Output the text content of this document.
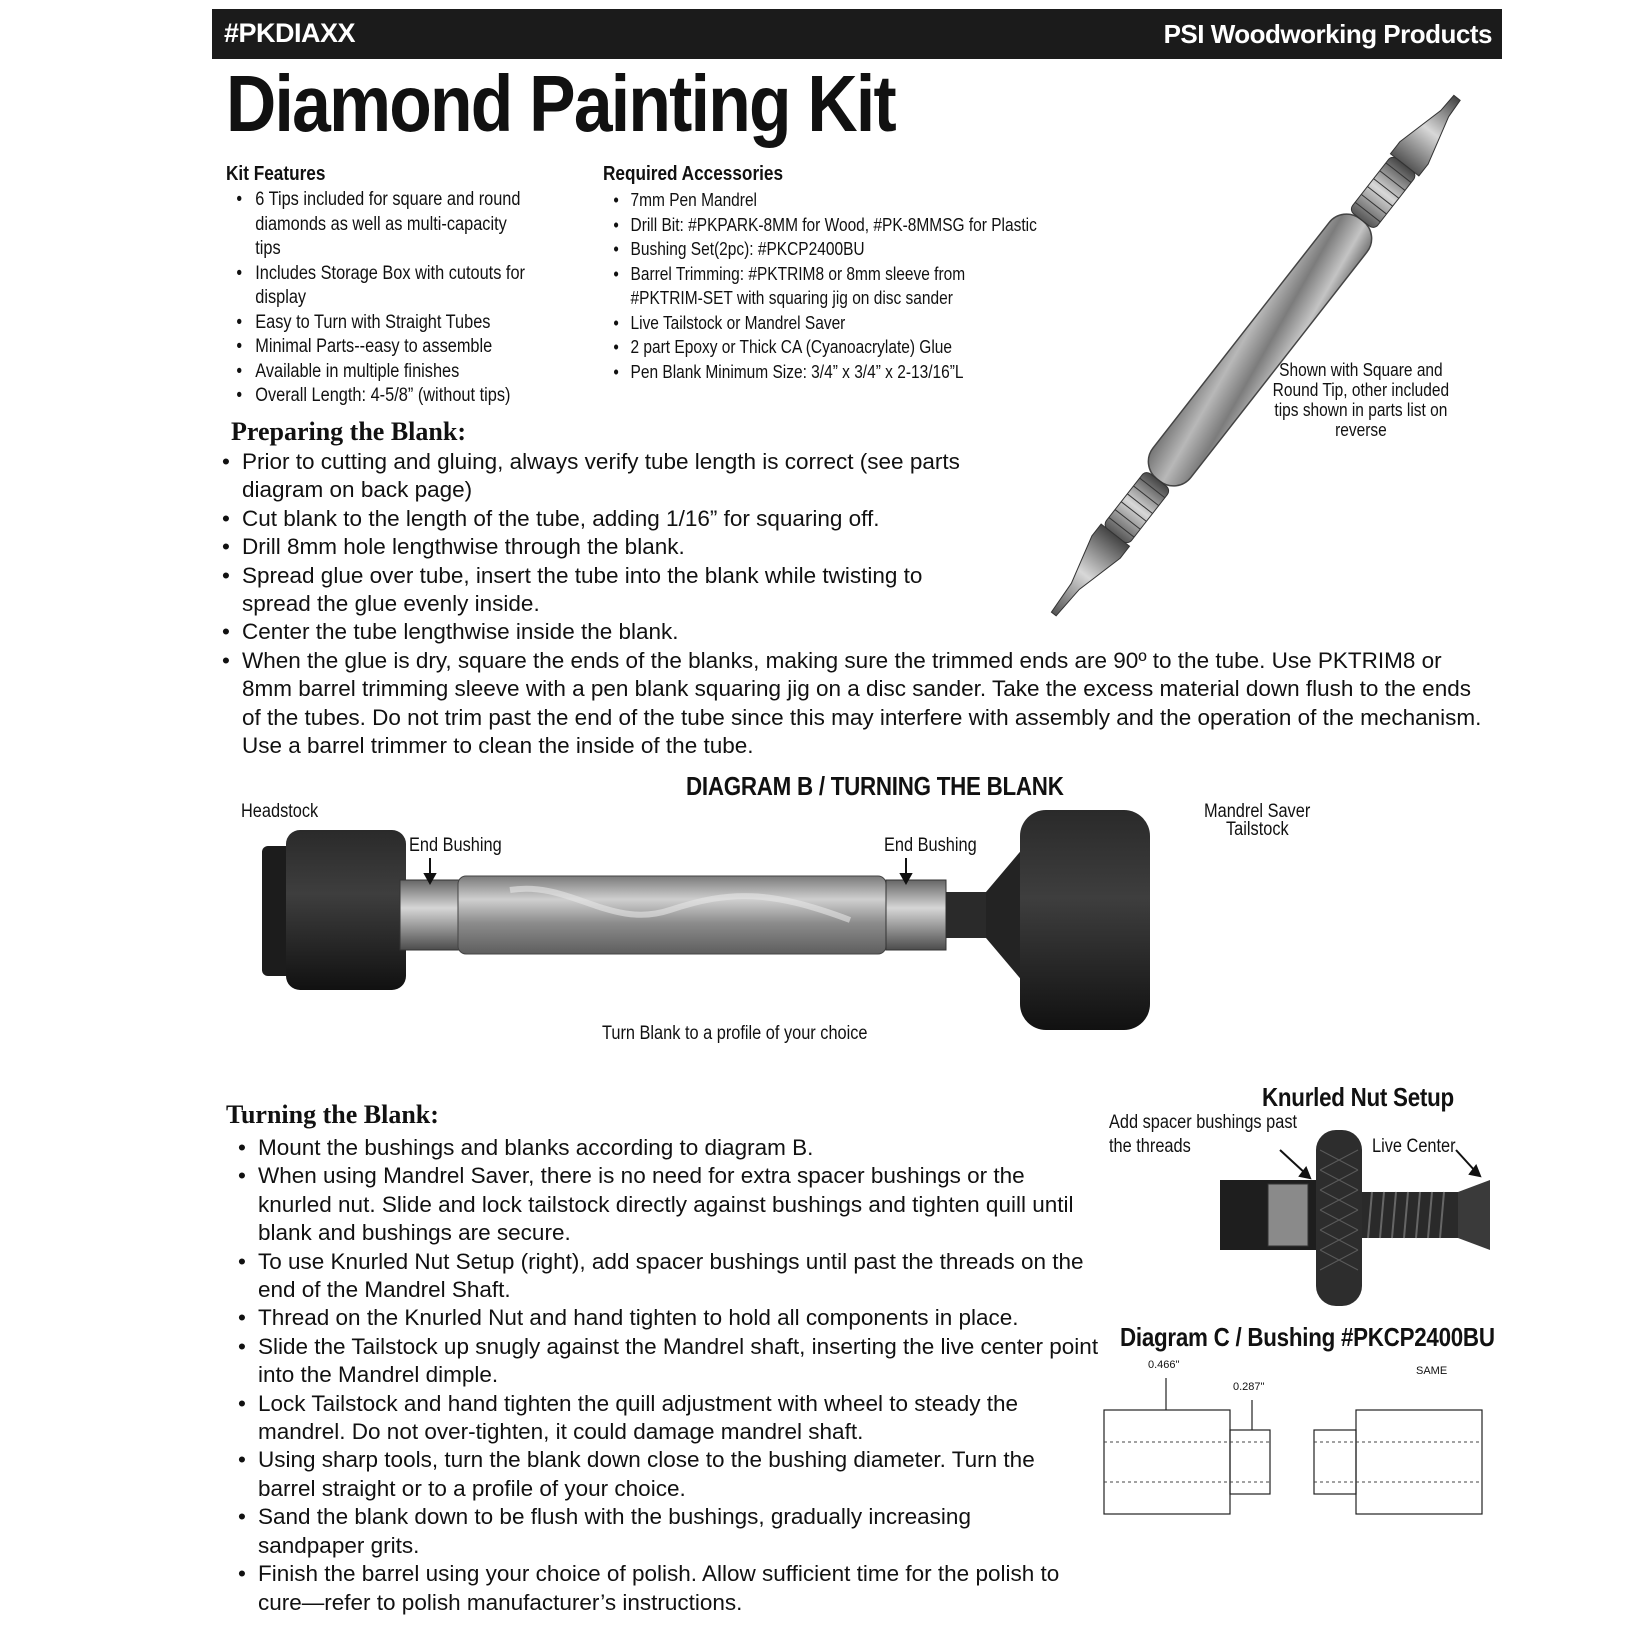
#PKDIAXX	PSI Woodworking Products
Diamond Painting Kit
Kit Features
• 6 Tips included for square and round diamonds as well as multi-capacity tips
• Includes Storage Box with cutouts for display
• Easy to Turn with Straight Tubes
• Minimal Parts--easy to assemble
• Available in multiple finishes
• Overall Length: 4-5/8” (without tips)
Required Accessories
• 7mm Pen Mandrel
• Drill Bit: #PKPARK-8MM for Wood, #PK-8MMSG for Plastic
• Bushing Set(2pc): #PKCP2400BU
• Barrel Trimming: #PKTRIM8 or 8mm sleeve from #PKTRIM-SET with squaring jig on disc sander
• Live Tailstock or Mandrel Saver
• 2 part Epoxy or Thick CA (Cyanoacrylate) Glue
• Pen Blank Minimum Size: 3/4” x 3/4” x 2-13/16”L	Shown with Square and Round Tip, other included tips shown in parts list on reverse
Preparing the Blank:
• Prior to cutting and gluing, always verify tube length is correct (see parts diagram on back page)
• Cut blank to the length of the tube, adding 1/16” for squaring off.
• Drill 8mm hole lengthwise through the blank.
• Spread glue over tube, insert the tube into the blank while twisting to spread the glue evenly inside.
• Center the tube lengthwise inside the blank.
• When the glue is dry, square the ends of the blanks, making sure the trimmed ends are 90º to the tube. Use PKTRIM8 or 8mm barrel trimming sleeve with a pen blank squaring jig on a disc sander. Take the excess material down flush to the ends of the tubes. Do not trim past the end of the tube since this may interfere with assembly and the operation of the mechanism. Use a barrel trimmer to clean the inside of the tube.
DIAGRAM B / TURNING THE BLANK
Headstock
End Bushing	End Bushing
Mandrel Saver
Tailstock
Turn Blank to a profile of your choice
Turning the Blank:
• Mount the bushings and blanks according to diagram B.
• When using Mandrel Saver, there is no need for extra spacer bushings or the knurled nut. Slide and lock tailstock directly against bushings and tighten quill until blank and bushings are secure.
• To use Knurled Nut Setup (right), add spacer bushings until past the threads on the end of the Mandrel Shaft.
• Thread on the Knurled Nut and hand tighten to hold all components in place.
• Slide the Tailstock up snugly against the Mandrel shaft, inserting the live center point into the Mandrel dimple.
• Lock Tailstock and hand tighten the quill adjustment with wheel to steady the mandrel. Do not over-tighten, it could damage mandrel shaft.
• Using sharp tools, turn the blank down close to the bushing diameter. Turn the barrel straight or to a profile of your choice.
• Sand the blank down to be flush with the bushings, gradually increasing sandpaper grits.
• Finish the barrel using your choice of polish. Allow sufficient time for the polish to cure—refer to polish manufacturer’s instructions.
Knurled Nut Setup
Add spacer bushings past
the threads	Live Center
Diagram C / Bushing #PKCP2400BU
0.466"
0.287"
SAME
